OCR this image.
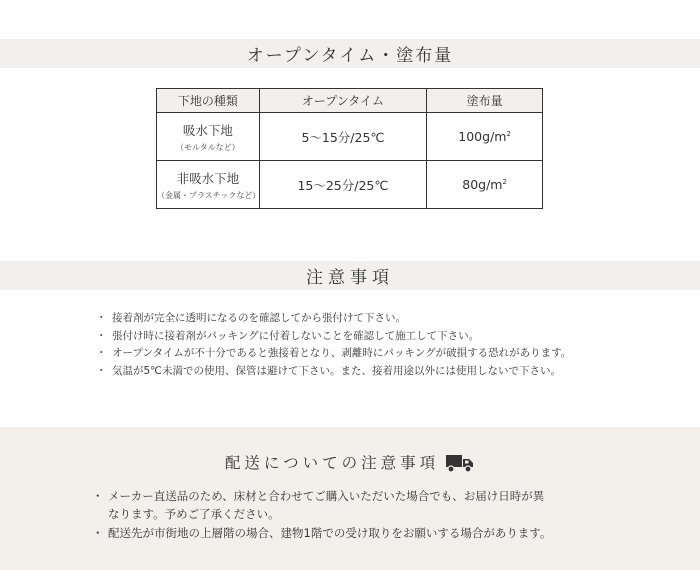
オープンタイム・塗布量
下地の種類	オープンタイム	塗布量
吸水下地
（モルタルなど）	5〜15分/25℃	$100g/m^2$
非吸水下地
（金属・プラスチックなど）	15〜25分/25℃	$80g/m^2$
注意事項
・ 接着剤が完全に透明になるのを確認してから張付けて下さい。
・ 張付け時に接着剤がパッキングに付着しないことを確認して施工して下さい。
・ オープンタイムが不十分であると強接着となり、剥離時にパッキングが破損する恐れがあります。
・ 気温が5℃未満での使用、保管は避けて下さい。また、接着用途以外には使用しないで下さい。
配送についての注意事項
・ メーカー直送品のため、床材と合わせてご購入いただいた場合でも、お届け日時が異
なります。予めご了承ください。
・ 配送先が市街地の上層階の場合、建物1階での受け取りをお願いする場合があります。
